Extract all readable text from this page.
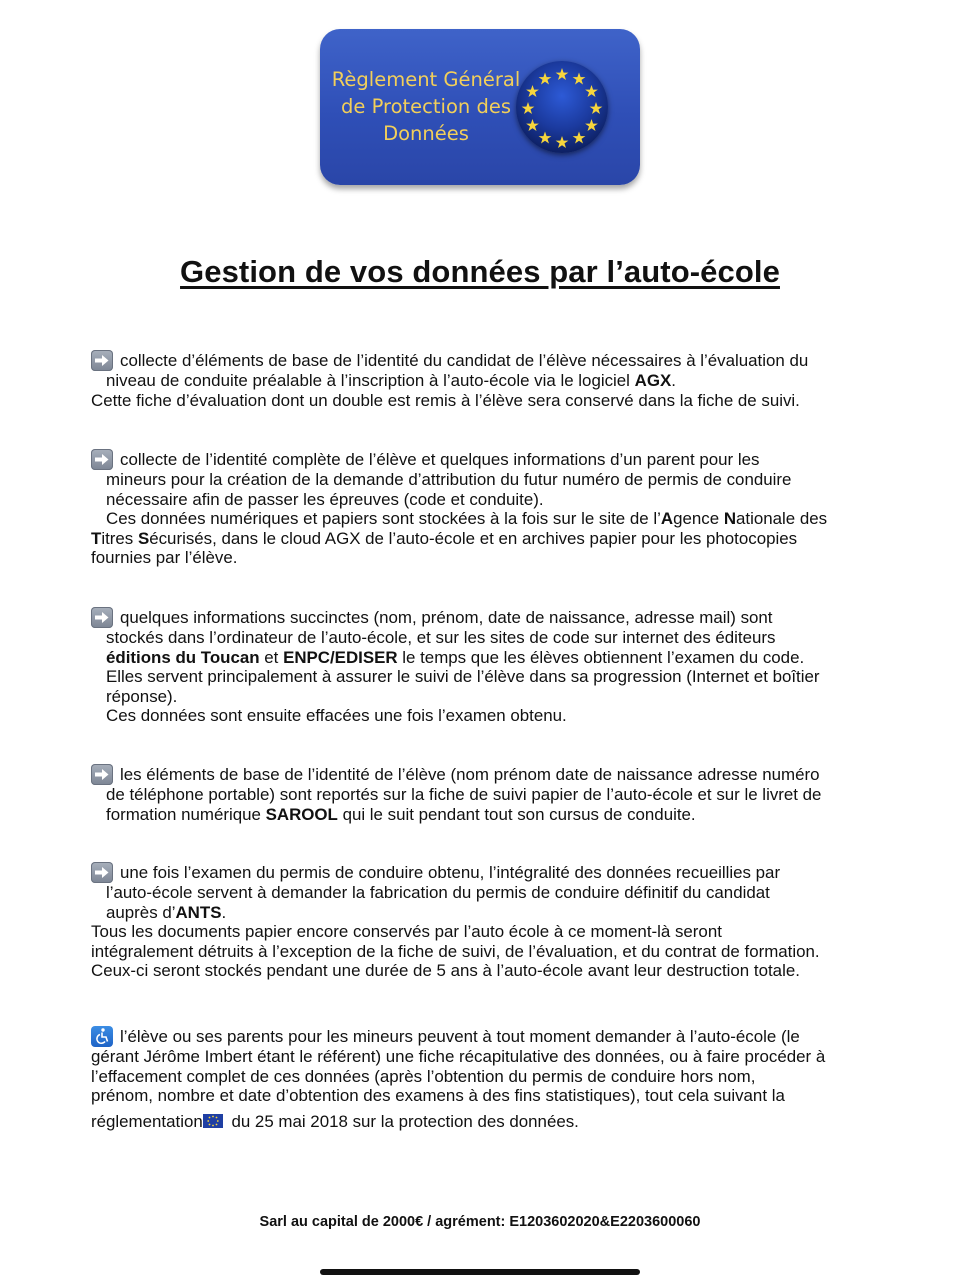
Règlement Général
de Protection des
Données
Gestion de vos données par l’auto-école
collecte d’éléments de base de l’identité du candidat de l’élève nécessaires à l’évaluation du
niveau de conduite préalable à l’inscription à l’auto-école via le logiciel AGX.
Cette fiche d’évaluation dont un double est remis à l’élève sera conservé dans la fiche de suivi.
collecte de l’identité complète de l’élève et quelques informations d’un parent pour les
mineurs pour la création de la demande d’attribution du futur numéro de permis de conduire
nécessaire afin de passer les épreuves (code et conduite).
Ces données numériques et papiers sont stockées à la fois sur le site de l’Agence Nationale des
Titres Sécurisés, dans le cloud AGX de l’auto-école et en archives papier pour les photocopies
fournies par l’élève.
quelques informations succinctes (nom, prénom, date de naissance, adresse mail) sont
stockés dans l’ordinateur de l’auto-école, et sur les sites de code sur internet des éditeurs
éditions du Toucan et ENPC/EDISER le temps que les élèves obtiennent l’examen du code.
Elles servent principalement à assurer le suivi de l’élève dans sa progression (Internet et boîtier
réponse).
Ces données sont ensuite effacées une fois l’examen obtenu.
les éléments de base de l’identité de l’élève (nom prénom date de naissance adresse numéro
de téléphone portable) sont reportés sur la fiche de suivi papier de l’auto-école et sur le livret de
formation numérique SAROOL qui le suit pendant tout son cursus de conduite.
une fois l’examen du permis de conduire obtenu, l’intégralité des données recueillies par
l’auto-école servent à demander la fabrication du permis de conduire définitif du candidat
auprès d’ANTS.
Tous les documents papier encore conservés par l’auto école à ce moment-là seront
intégralement détruits à l’exception de la fiche de suivi, de l’évaluation, et du contrat de formation.
Ceux-ci seront stockés pendant une durée de 5 ans à l’auto-école avant leur destruction totale.
l’élève ou ses parents pour les mineurs peuvent à tout moment demander à l’auto-école (le
gérant Jérôme Imbert étant le référent) une fiche récapitulative des données, ou à faire procéder à
l’effacement complet de ces données (après l’obtention du permis de conduire hors nom,
prénom, nombre et date d’obtention des examens à des fins statistiques), tout cela suivant la
réglementation
du 25 mai 2018 sur la protection des données.

Sarl au capital de 2000€ / agrément: E1203602020&E2203600060
